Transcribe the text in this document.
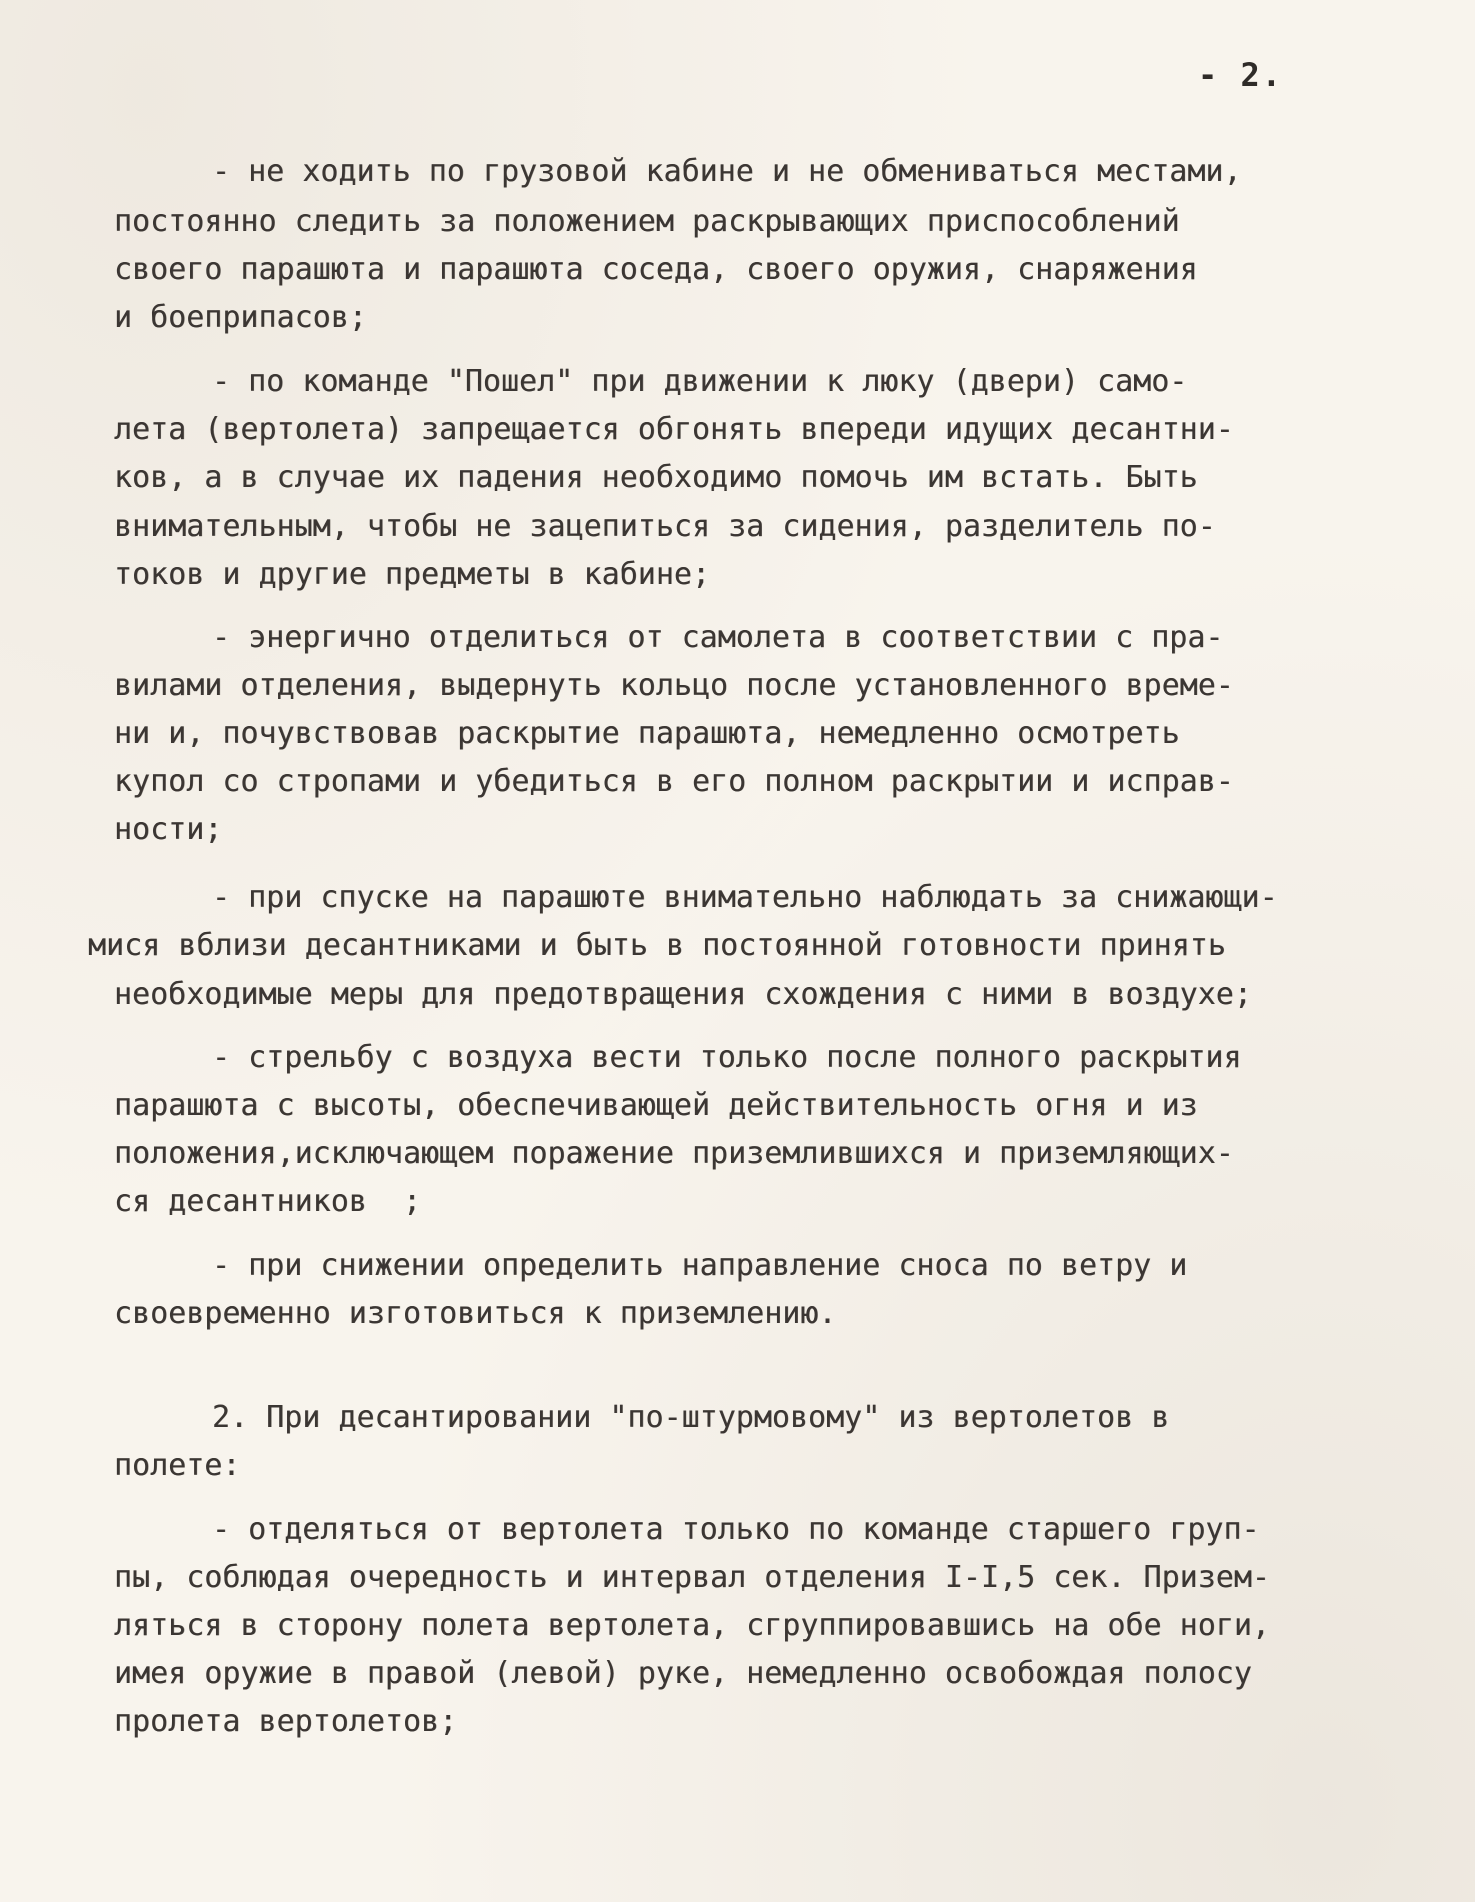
- 2.
- не ходить по грузовой кабине и не обмениваться местами,
постоянно следить за положением раскрывающих приспособлений
своего парашюта и парашюта соседа, своего оружия, снаряжения
и боеприпасов;
- по команде "Пошел" при движении к люку (двери) само-
лета (вертолета) запрещается обгонять впереди идущих десантни-
ков, а в случае их падения необходимо помочь им встать. Быть
внимательным, чтобы не зацепиться за сидения, разделитель по-
токов и другие предметы в кабине;
- энергично отделиться от самолета в соответствии с пра-
вилами отделения, выдернуть кольцо после установленного време-
ни и, почувствовав раскрытие парашюта, немедленно осмотреть
купол со стропами и убедиться в его полном раскрытии и исправ-
ности;
- при спуске на парашюте внимательно наблюдать за снижающи-
мися вблизи десантниками и быть в постоянной готовности принять
необходимые меры для предотвращения схождения с ними в воздухе;
- стрельбу с воздуха вести только после полного раскрытия
парашюта с высоты, обеспечивающей действительность огня и из
положения,исключающем поражение приземлившихся и приземляющих-
ся десантников  ;
- при снижении определить направление сноса по ветру и
своевременно изготовиться к приземлению.
2. При десантировании "по-штурмовому" из вертолетов в
полете:
- отделяться от вертолета только по команде старшего груп-
пы, соблюдая очередность и интервал отделения I-I,5 сек. Призем-
ляться в сторону полета вертолета, сгруппировавшись на обе ноги,
имея оружие в правой (левой) руке, немедленно освобождая полосу
пролета вертолетов;
